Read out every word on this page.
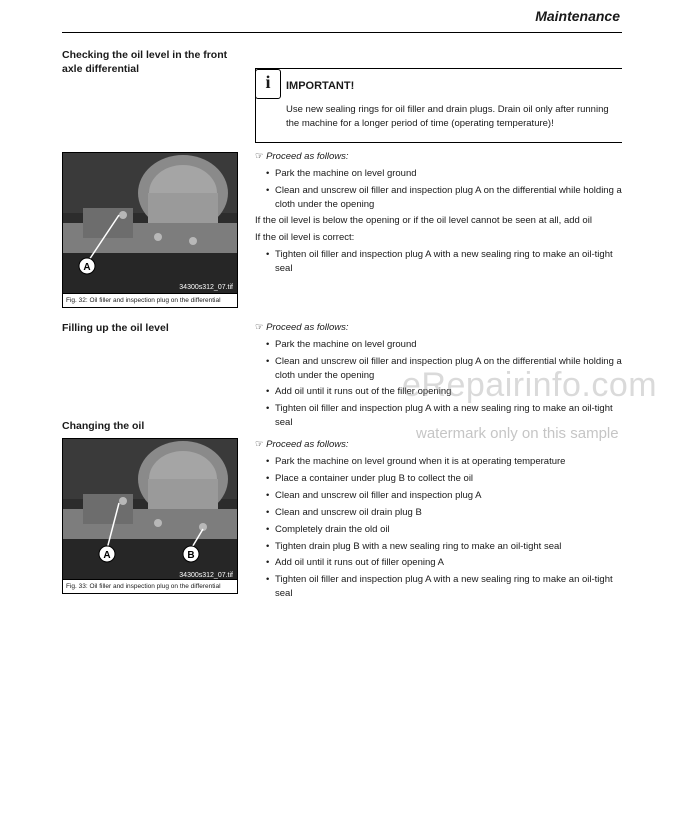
Maintenance
Checking the oil level in the front axle differential
i	IMPORTANT!
Use new sealing rings for oil filler and drain plugs. Drain oil only after running the machine for a longer period of time (operating temperature)!
A
34300s312_07.tif
Fig. 32: Oil filler and inspection plug on the differential
☞ Proceed as follows:
• Park the machine on level ground
• Clean and unscrew oil filler and inspection plug A on the differential while holding a cloth under the opening
If the oil level is below the opening or if the oil level cannot be seen at all, add oil
If the oil level is correct:
• Tighten oil filler and inspection plug A with a new sealing ring to make an oil-tight seal
Filling up the oil level	☞ Proceed as follows:
• Park the machine on level ground
• Clean and unscrew oil filler and inspection plug A on the differential while holding a cloth under the opening
• Add oil until it runs out of the filler opening
• Tighten oil filler and inspection plug A with a new sealing ring to make an oil-tight seal
Changing the oil
A	B
34300s312_07.tif
Fig. 33: Oil filler and inspection plug on the differential
☞ Proceed as follows:
• Park the machine on level ground when it is at operating temperature
• Place a container under plug B to collect the oil
• Clean and unscrew oil filler and inspection plug A
• Clean and unscrew oil drain plug B
• Completely drain the old oil
• Tighten drain plug B with a new sealing ring to make an oil-tight seal
• Add oil until it runs out of filler opening A
• Tighten oil filler and inspection plug A with a new sealing ring to make an oil-tight seal
eRepairinfo.com
watermark only on this sample
